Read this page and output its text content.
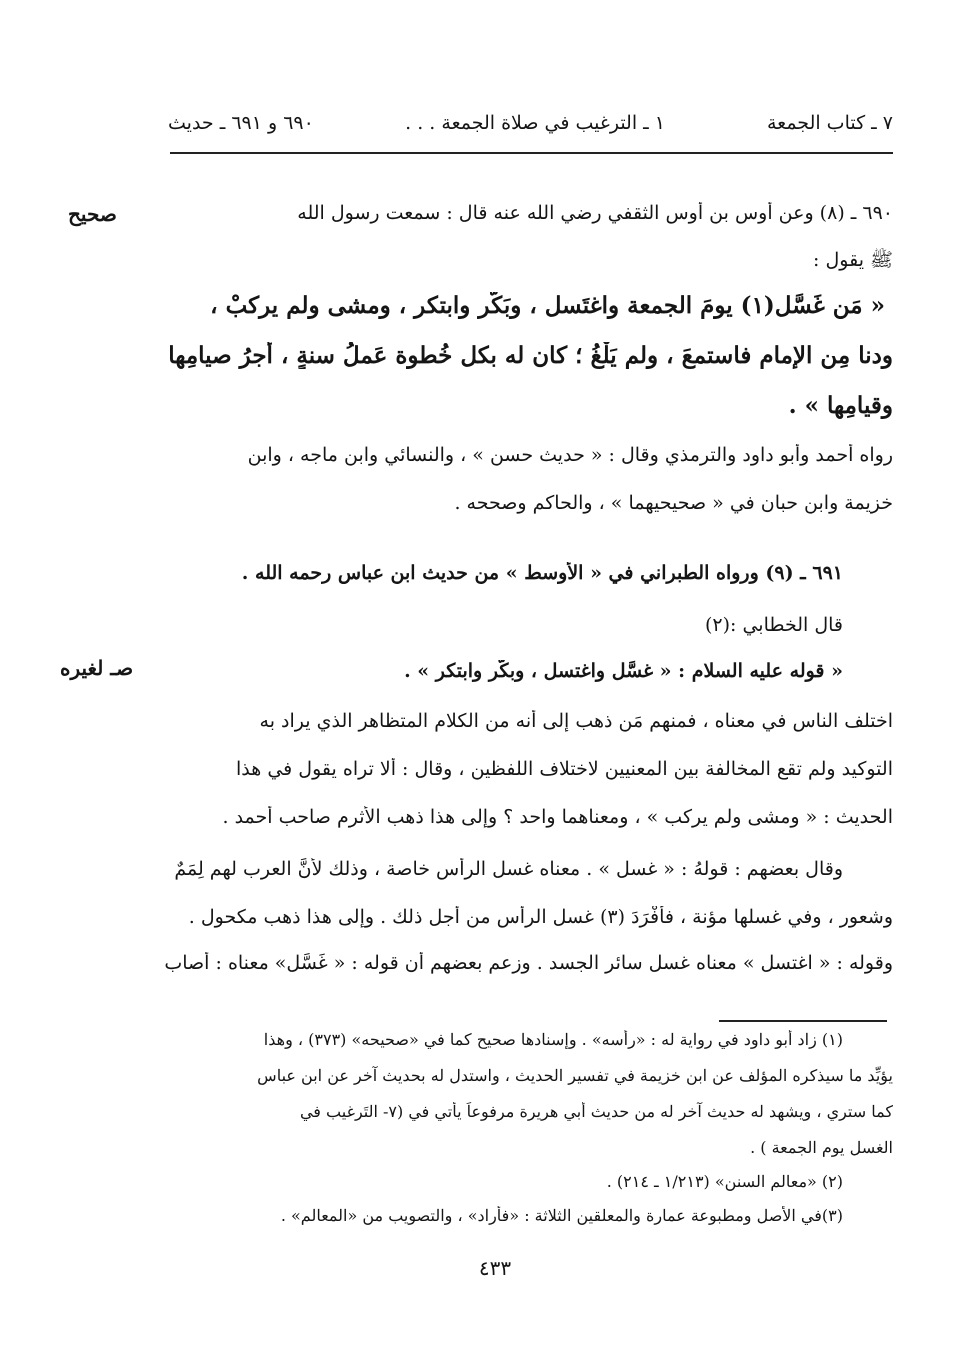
٧ ـ كتاب الجمعة
١ ـ الترغيب في صلاة الجمعة . . .
٦٩٠ و ٦٩١ ـ حديث
صحيح
صـ لغيره
٦٩٠ ـ (٨) وعن أوسِ بنِ أوسٍ الثقفي رضي الله عنه قال : سمعت رسول الله
ﷺ يقول :
« مَن غَسَّل(١) يومَ الجمعة واغتَسل ، وبَكَّر وابتكر ، ومشى ولم يركبْ ،
ودنا مِن الإمام فاستمعَ ، ولم يَلْغُ ؛ كان له بكل خُطوة عَملُ سنةٍ ، أجرُ صيامِها
وقيامِها » .
رواه أحمد وأبو داود والترمذي وقال : « حديث حسن » ، والنسائي وابن ماجه ، وابن
خزيمة وابن حبان في « صحيحيهما » ، والحاكم وصححه .
٦٩١ ـ (٩) ورواه الطبراني في « الأوسط » من حديث ابن عباس رحمه الله .
قال الخطابي :(٢)
« قوله عليه السلام : « غسَّل واغتسل ، وبكَّر وابتكر » .
اختلف الناس في معناه ، فمنهم مَن ذهب إلى أنه من الكلام المتظاهر الذي يراد به
التوكيد ولم تقع المخالفة بين المعنيين لاختلاف اللفظين ، وقال : ألا تراه يقول في هذا
الحديث : « ومشى ولم يركب » ، ومعناهما واحد ؟ وإلى هذا ذهب الأثرم صاحب أحمد .
وقال بعضهم : قولهُ : « غسل » . معناه غسل الرأس خاصة ، وذلك لأنَّ العرب لهم لِمَمٌ
وشعور ، وفي غسلها مؤنة ، فأفْرَدَ (٣) غسل الرأس من أجل ذلك . وإلى هذا ذهب مكحول .
وقوله : « اغتسل » معناه غسل سائر الجسد . وزعم بعضهم أن قوله : « غَسَّل» معناه : أصاب
(١) زاد أبو داود في رواية له : «رأسه» . وإسنادها صحيح كما في «صحيحه» (٣٧٣) ، وهذا
يؤيِّد ما سيذكره المؤلف عن ابن خزيمة في تفسير الحديث ، واستدل له بحديث آخر عن ابن عباس
كما ستري ، ويشهد له حديث آخر له من حديث أبي هريرة مرفوعاً يأتي في (٧- التَرغيب في
الغسل يوم الجمعة ) .
(٢) «معالم السنن» (١/٢١٣ ـ ٢١٤) .
(٣)في الأصل ومطبوعة عمارة والمعلقين الثلاثة : «فأراد» ، والتصويب من «المعالم» .
٤٣٣
